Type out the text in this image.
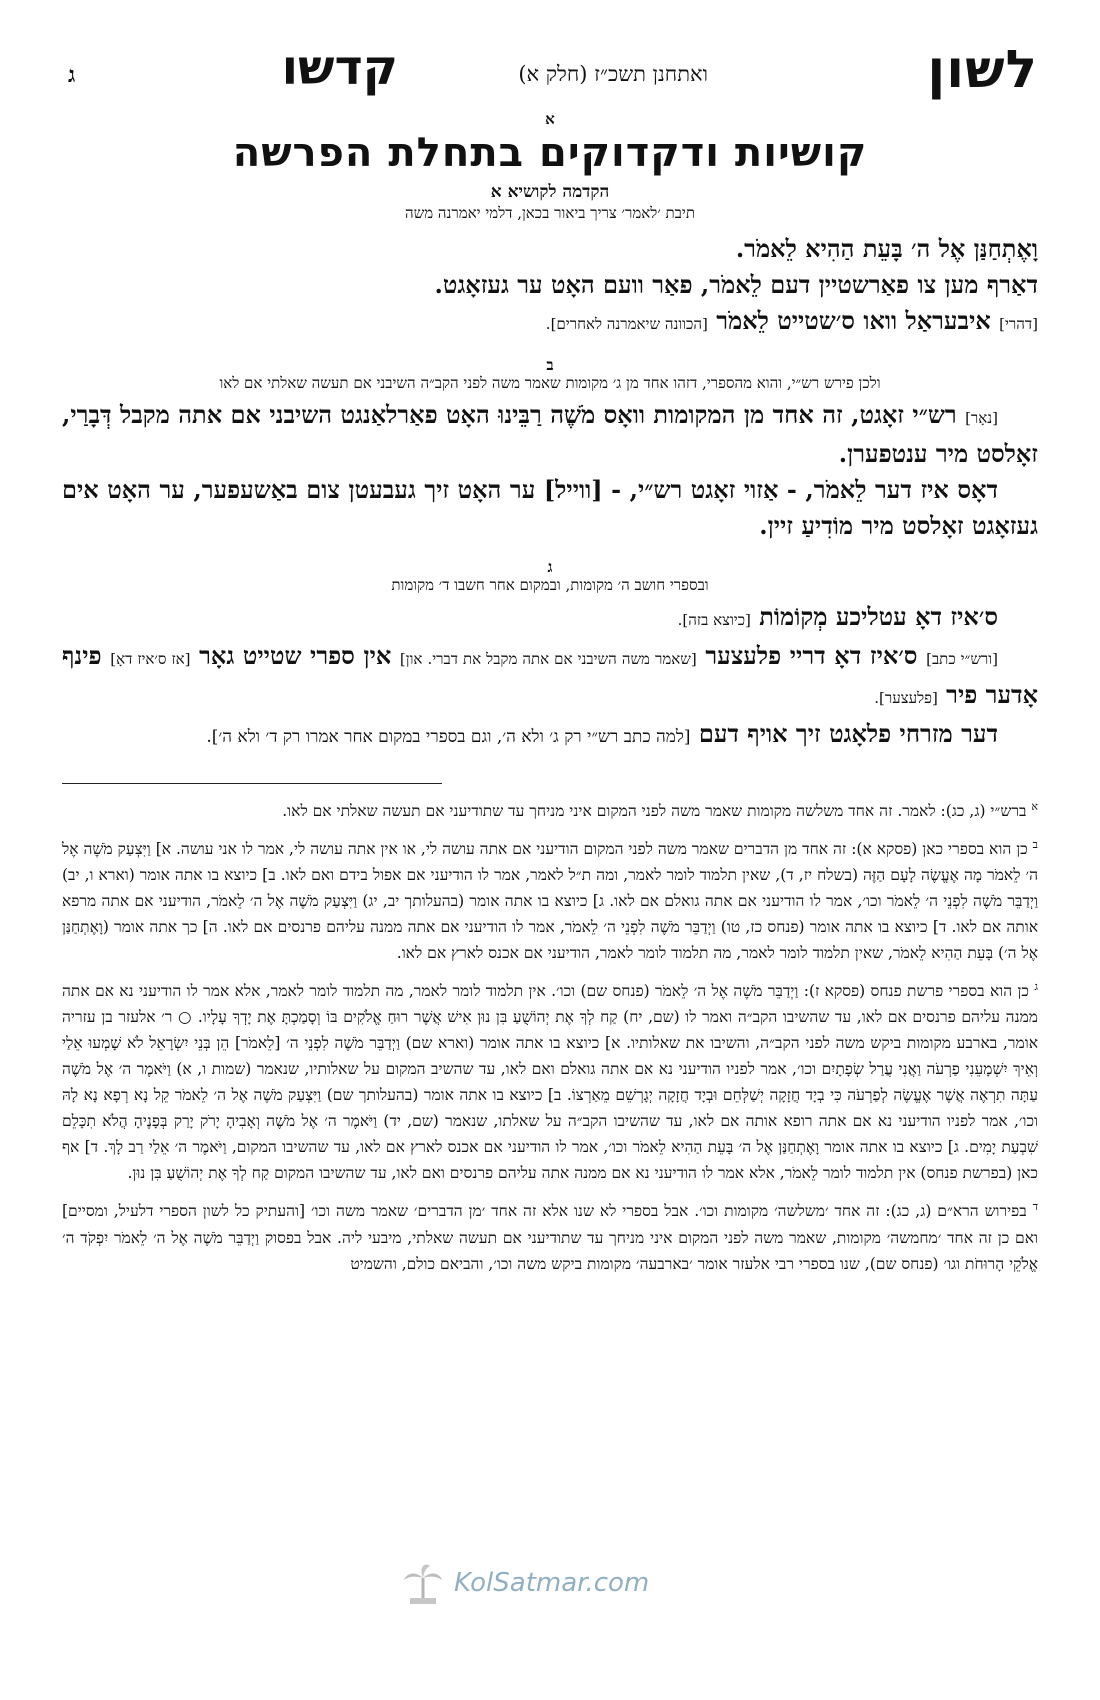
לשון
ואתחנן תשכ״ז (חלק א)
קדשו
ג

א

קושיות ודקדוקים בתחלת הפרשה

הקדמה לקושיא א

תיבת ׳לאמר׳ צריך ביאור בכאן, דלמי יאמרנה משה

וָאֶתְחַנַּן אֶל ה׳ בָּעֵת הַהִיא לֵאמֹר.

דאַרף מען צו פאַרשטיין דעם לֵאמֹר, פאַר וועם האָט ער געזאָגט.

[דהרי] איבעראַל וואו ס׳שטייט לֵאמֹר [הכוונה שיאמרנה לאחרים].

ב

ולכן פירש רש״י, והוא מהספרי, דזהו אחד מן ג׳ מקומות שאמר משה לפני הקב״ה השיבני אם תעשה שאלתי אם לאו

[נאָר] רש״י זאָגט, זה אחד מן המקומות וואָס מֹשֶׁה רַבֵּינוּ האָט פאַרלאַנגט השיבני אם אתה מקבל דְּבָרַי, זאָלסט מיר ענטפערן.

דאָס איז דער לֵאמֹר, - אַזוי זאָגט רש״י, - [ווייל] ער האָט זיך געבעטן צום באַשעפער, ער האָט אים געזאָגט זאָלסט מיר מוֹדִיעַ זיין.

ג

ובספרי חושב ה׳ מקומות, ובמקום אחר חשבו ד׳ מקומות

ס׳איז דאָ עטליכע מְקוֹמוֹת [כיוצא בזה].

[ורש״י כתב] ס׳איז דאָ דריי פלעצער [שאמר משה השיבני אם אתה מקבל את דברי. און] אין ספרי שטייט גאָר [אז ס׳איז דאָ] פינף אָדער פיר [פלעצער].

דער מזרחי פלאָגט זיך אויף דעם [למה כתב רש״י רק ג׳ ולא ה׳, וגם בספרי במקום אחר אמרו רק ד׳ ולא ה׳].

$^א$ ברש״י (ג, כג): לאמר. זה אחד משלשה מקומות שאמר משה לפני המקום איני מניחך עד שתודיעני אם תעשה שאלתי אם לאו.

$^ב$ כן הוא בספרי כאן (פסקא א): זה אחד מן הדברים שאמר משה לפני המקום הודיעני אם אתה עושה לי, או אין אתה עושה לי, אמר לו אני עושה. א] וַיִּצְעַק מֹשֶׁה אֶל ה׳ לֵאמֹר מָה אֶעֱשֶׂה לָעָם הַזֶּה (בשלח יז, ד), שאין תלמוד לומר לאמר, ומה ת״ל לאמר, אמר לו הודיעני אם אפול בידם ואם לאו. ב] כיוצא בו אתה אומר (וארא ו, יב) וַיְדַבֵּר מֹשֶׁה לִפְנֵי ה׳ לֵאמֹר וכו׳, אמר לו הודיעני אם אתה גואלם אם לאו. ג] כיוצא בו אתה אומר (בהעלותך יב, יג) וַיִּצְעַק מֹשֶׁה אֶל ה׳ לֵאמֹר, הודיעני אם אתה מרפא אותה אם לאו. ד] כיוצא בו אתה אומר (פנחס כז, טו) וַיְדַבֵּר מֹשֶׁה לִפְנֵי ה׳ לֵאמֹר, אמר לו הודיעני אם אתה ממנה עליהם פרנסים אם לאו. ה] כך אתה אומר (וָאֶתְחַנַּן אֶל ה׳) בָּעֵת הַהִיא לֵאמֹר, שאין תלמוד לומר לאמר, מה תלמוד לומר לאמר, הודיעני אם אכנס לארץ אם לאו.

$^ג$ כן הוא בספרי פרשת פנחס (פסקא ז): וַיְדַבֵּר מֹשֶׁה אֶל ה׳ לֵאמֹר (פנחס שם) וכו׳. אין תלמוד לומר לאמר, מה תלמוד לומר לאמר, אלא אמר לו הודיעני נא אם אתה ממנה עליהם פרנסים אם לאו, עד שהשיבו הקב״ה ואמר לו (שם, יח) קַח לְךָ אֶת יְהוֹשֻׁעַ בִּן נוּן אִישׁ אֲשֶׁר רוּחַ אֱלֹקִים בּוֹ וְסָמַכְתָּ אֶת יָדְךָ עָלָיו. ○ ר׳ אלעזר בן עזריה אומר, בארבע מקומות ביקש משה לפני הקב״ה, והשיבו את שאלותיו. א] כיוצא בו אתה אומר (וארא שם) וַיְדַבֵּר מֹשֶׁה לִפְנֵי ה׳ [לֵאמֹר] הֵן בְּנֵי יִשְׂרָאֵל לֹא שָׁמְעוּ אֵלַי וְאֵיךְ יִשְׁמָעֵנִי פַרְעֹה וַאֲנִי עֲרַל שְׂפָתָיִם וכו׳, אמר לפניו הודיעני נא אם אתה גואלם ואם לאו, עד שהשיב המקום על שאלותיו, שנאמר (שמות ו, א) וַיֹּאמֶר ה׳ אֶל מֹשֶׁה עַתָּה תִרְאֶה אֲשֶׁר אֶעֱשֶׂה לְפַרְעֹה כִּי בְיָד חֲזָקָה יְשַׁלְּחֵם וּבְיָד חֲזָקָה יְגָרְשֵׁם מֵאַרְצוֹ. ב] כיוצא בו אתה אומר (בהעלותך שם) וַיִּצְעַק מֹשֶׁה אֶל ה׳ לֵאמֹר קֵל נָא רְפָא נָא לָהּ וכו׳, אמר לפניו הודיעני נא אם אתה רופא אותה אם לאו, עד שהשיבו הקב״ה על שאלתו, שנאמר (שם, יד) וַיֹּאמֶר ה׳ אֶל מֹשֶׁה וְאָבִיהָ יָרֹק יָרַק בְּפָנֶיהָ הֲלֹא תִכָּלֵם שִׁבְעַת יָמִים. ג] כיוצא בו אתה אומר וָאֶתְחַנַּן אֶל ה׳ בָּעֵת הַהִיא לֵאמֹר וכו׳, אמר לו הודיעני אם אכנס לארץ אם לאו, עד שהשיבו המקום, וַיֹּאמֶר ה׳ אֵלַי רַב לָךְ. ד] אף כאן (בפרשת פנחס) אין תלמוד לומר לֵאמֹר, אלא אמר לו הודיעני נא אם ממנה אתה עליהם פרנסים ואם לאו, עד שהשיבו המקום קַח לְךָ אֶת יְהוֹשֻׁעַ בִּן נוּן.

$^ד$ בפירוש הרא״ם (ג, כג): זה אחד ׳משלשה׳ מקומות וכו׳. אבל בספרי לא שנו אלא זה אחד ׳מן הדברים׳ שאמר משה וכו׳ [והעתיק כל לשון הספרי דלעיל, ומסיים] ואם כן זה אחד ׳מחמשה׳ מקומות, שאמר משה לפני המקום איני מניחך עד שתודיעני אם תעשה שאלתי, מיבעי ליה. אבל בפסוק וַיְדַבֵּר מֹשֶׁה אֶל ה׳ לֵאמֹר יִפְקֹד ה׳ אֱלֹקֵי הָרוּחֹת וגו׳ (פנחס שם), שנו בספרי רבי אלעזר אומר ׳בארבעה׳ מקומות ביקש משה וכו׳, והביאם כולם, והשמיט

KolSatmar.com
